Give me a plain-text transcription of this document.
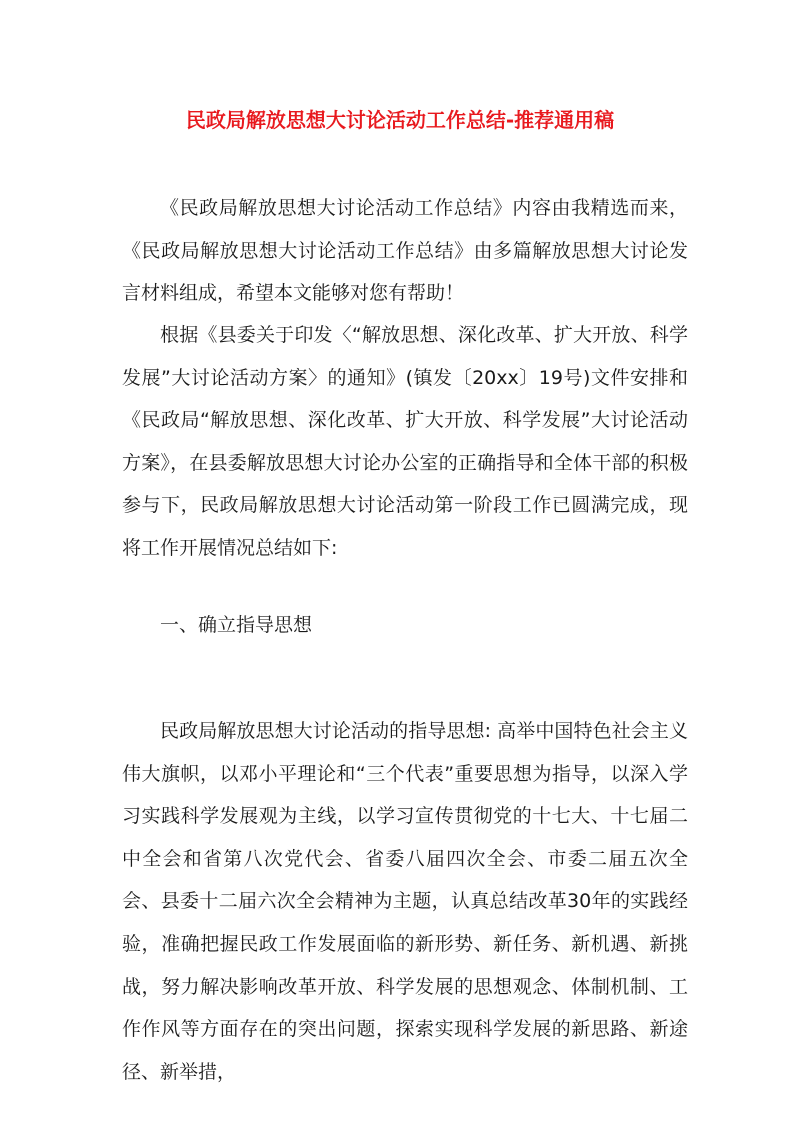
民政局解放思想大讨论活动工作总结-推荐通用稿

《民政局解放思想大讨论活动工作总结》内容由我精选而来，《民政局解放思想大讨论活动工作总结》由多篇解放思想大讨论发言材料组成，希望本文能够对您有帮助！

根据《县委关于印发〈“解放思想、深化改革、扩大开放、科学发展”大讨论活动方案〉的通知》(镇发〔20xx〕19号)文件安排和《民政局“解放思想、深化改革、扩大开放、科学发展”大讨论活动方案》，在县委解放思想大讨论办公室的正确指导和全体干部的积极参与下，民政局解放思想大讨论活动第一阶段工作已圆满完成，现将工作开展情况总结如下:

一、确立指导思想

民政局解放思想大讨论活动的指导思想: 高举中国特色社会主义伟大旗帜，以邓小平理论和“三个代表”重要思想为指导，以深入学习实践科学发展观为主线，以学习宣传贯彻党的十七大、十七届二中全会和省第八次党代会、省委八届四次全会、市委二届五次全会、县委十二届六次全会精神为主题，认真总结改革30年的实践经验，准确把握民政工作发展面临的新形势、新任务、新机遇、新挑战，努力解决影响改革开放、科学发展的思想观念、体制机制、工作作风等方面存在的突出问题，探索实现科学发展的新思路、新途径、新举措，
